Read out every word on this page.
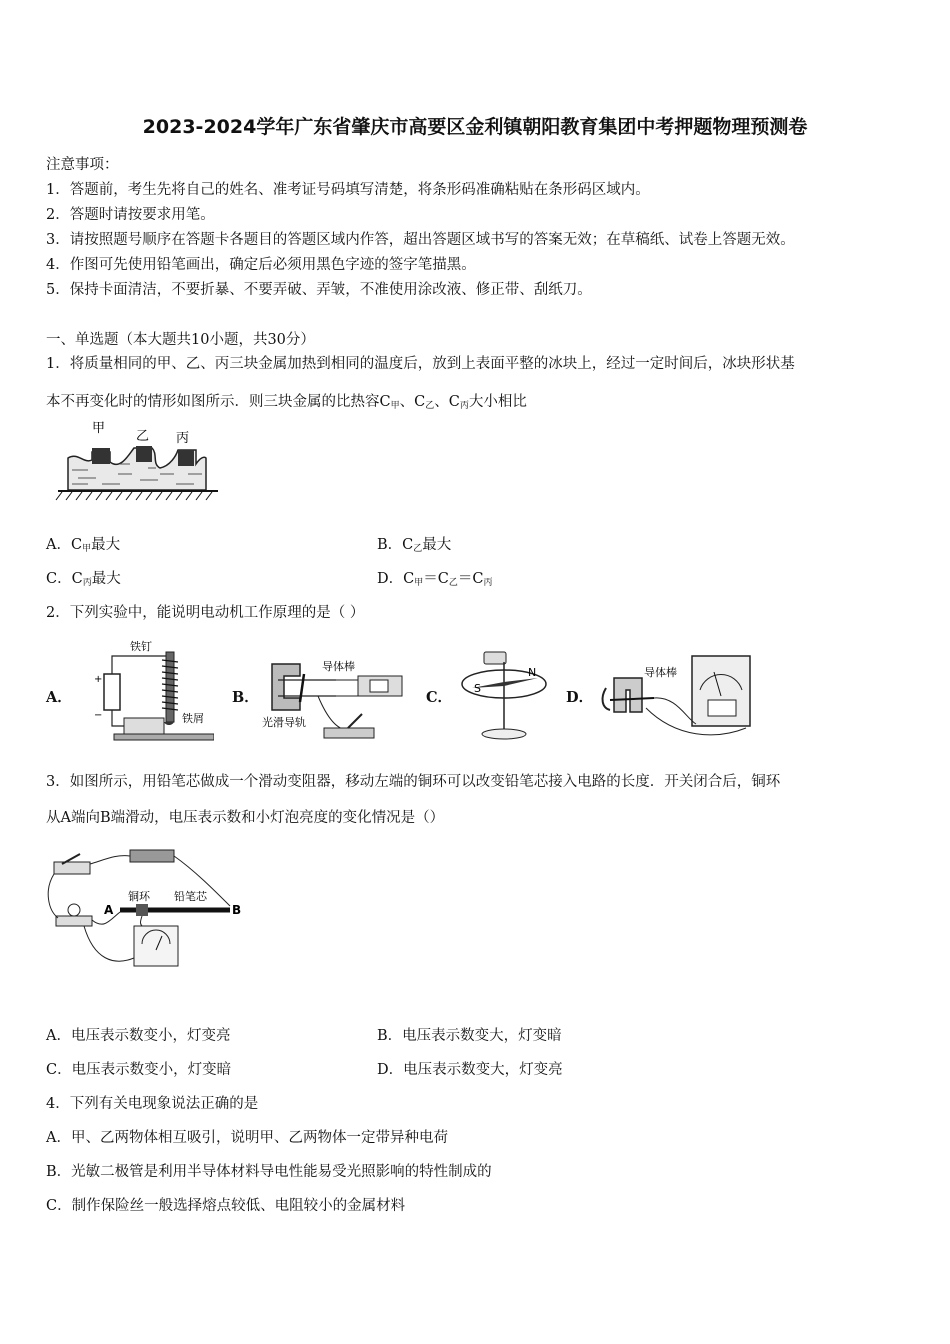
2023-2024学年广东省肇庆市高要区金利镇朝阳教育集团中考押题物理预测卷
注意事项：
1．答题前，考生先将自己的姓名、准考证号码填写清楚，将条形码准确粘贴在条形码区域内。
2．答题时请按要求用笔。
3．请按照题号顺序在答题卡各题目的答题区域内作答，超出答题区域书写的答案无效；在草稿纸、试卷上答题无效。
4．作图可先使用铅笔画出，确定后必须用黑色字迹的签字笔描黑。
5．保持卡面清洁，不要折暴、不要弄破、弄皱，不准使用涂改液、修正带、刮纸刀。
一、单选题（本大题共10小题，共30分）
1．将质量相同的甲、乙、丙三块金属加热到相同的温度后，放到上表面平整的冰块上，经过一定时间后，冰块形状基
本不再变化时的情形如图所示．则三块金属的比热容$C_甲$、$C_乙$、$C_丙$大小相比
甲
乙 丙
A．$C_甲$最大	B．$C_乙$最大
C．$C_丙$最大	D．$C_甲=C_乙=C_丙$
2．下列实验中，能说明电动机工作原理的是（ ）
A．
+
−
铁钉
铁屑
B．
导体棒
光滑导轨
C．
S
N
D．
导体棒
3．如图所示，用铅笔芯做成一个滑动变阻器，移动左端的铜环可以改变铅笔芯接入电路的长度．开关闭合后，铜环
从A端向B端滑动，电压表示数和小灯泡亮度的变化情况是（）
A	B
铜环 铅笔芯
A．电压表示数变小，灯变亮	B．电压表示数变大，灯变暗
C．电压表示数变小，灯变暗	D．电压表示数变大，灯变亮
4．下列有关电现象说法正确的是
A．甲、乙两物体相互吸引，说明甲、乙两物体一定带异种电荷
B．光敏二极管是利用半导体材料导电性能易受光照影响的特性制成的
C．制作保险丝一般选择熔点较低、电阻较小的金属材料
